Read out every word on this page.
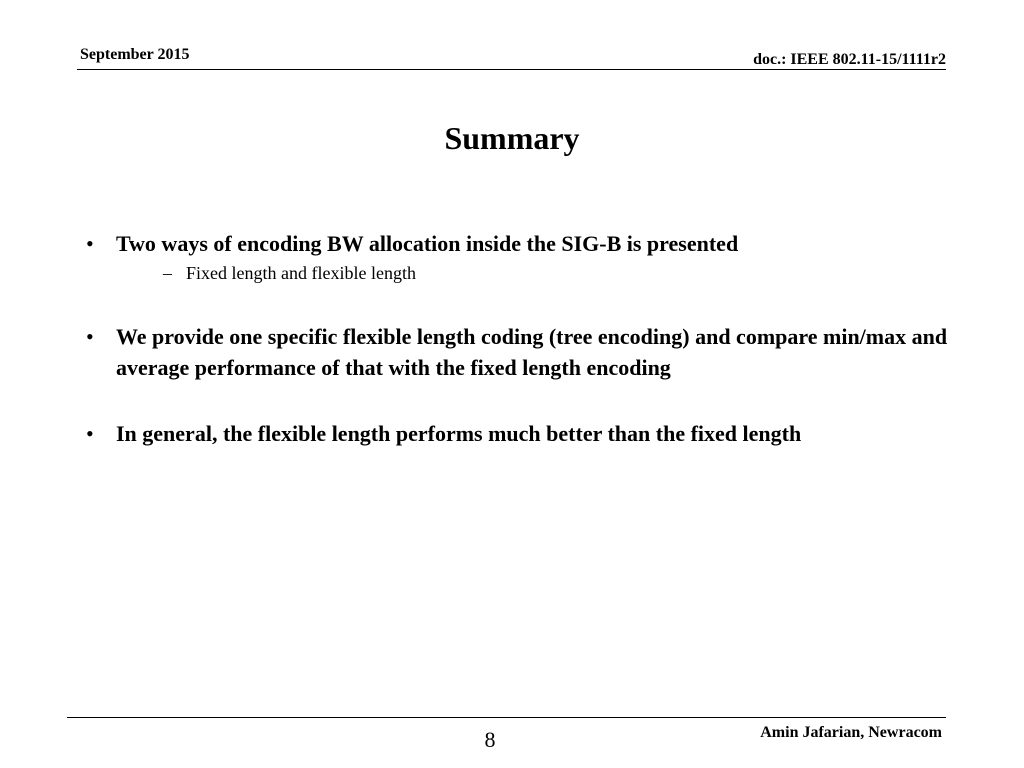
September 2015	doc.: IEEE 802.11-15/1111r2
Summary
• Two ways of encoding BW allocation inside the SIG-B is presented
– Fixed length and flexible length
• We provide one specific flexible length coding (tree encoding) and compare min/max and average performance of that with the fixed length encoding
• In general, the flexible length performs much better than the fixed length
8	Amin Jafarian, Newracom
